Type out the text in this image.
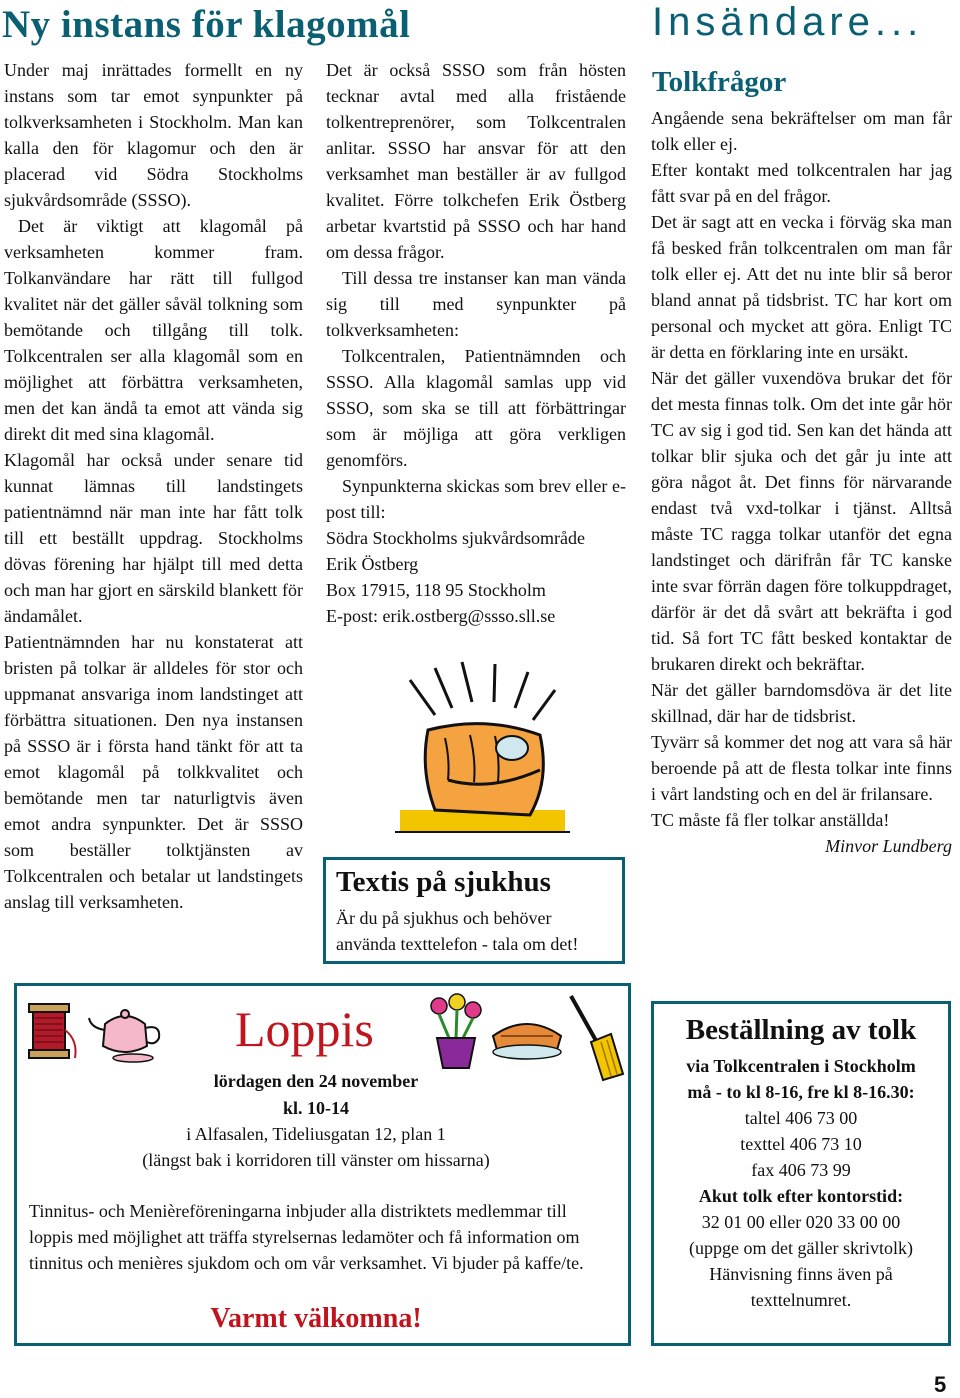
Ny instans för klagomål

Under maj inrättades formellt en ny instans som tar emot synpunkter på tolkverksamheten i Stockholm. Man kan kalla den för klagomur och den är placerad vid Södra Stockholms sjukvårdsområde (SSSO).

Det är viktigt att klagomål på verksamheten kommer fram. Tolkanvändare har rätt till fullgod kvalitet när det gäller såväl tolkning som bemötande och tillgång till tolk. Tolkcentralen ser alla klagomål som en möjlighet att förbättra verksamheten, men det kan ändå ta emot att vända sig direkt dit med sina klagomål.

Klagomål har också under senare tid kunnat lämnas till landstingets patientnämnd när man inte har fått tolk till ett beställt uppdrag. Stockholms dövas förening har hjälpt till med detta och man har gjort en särskild blankett för ändamålet.

Patientnämnden har nu konstaterat att bristen på tolkar är alldeles för stor och uppmanat ansvariga inom landstinget att förbättra situationen. Den nya instansen på SSSO är i första hand tänkt för att ta emot klagomål på tolkkvalitet och bemötande men tar naturligtvis även emot andra synpunkter. Det är SSSO som beställer tolktjänsten av Tolkcentralen och betalar ut landstingets anslag till verksamheten.

Det är också SSSO som från hösten tecknar avtal med alla fristående tolkentreprenörer, som Tolkcentralen anlitar. SSSO har ansvar för att den verksamhet man beställer är av fullgod kvalitet. Förre tolkchefen Erik Östberg arbetar kvartstid på SSSO och har hand om dessa frågor.

Till dessa tre instanser kan man vända sig till med synpunkter på tolkverksamheten:

Tolkcentralen, Patientnämnden och SSSO. Alla klagomål samlas upp vid SSSO, som ska se till att förbättringar som är möjliga att göra verkligen genomförs.

Synpunkterna skickas som brev eller e-post till:

Södra Stockholms sjukvårdsområde

Erik Östberg

Box 17915, 118 95 Stockholm

E-post: erik.ostberg@ssso.sll.se

Textis på sjukhus

Är du på sjukhus och behöver använda texttelefon - tala om det!

Insändare...
Tolkfrågor

Angående sena bekräftelser om man får tolk eller ej.

Efter kontakt med tolkcentralen har jag fått svar på en del frågor.

Det är sagt att en vecka i förväg ska man få besked från tolkcentralen om man får tolk eller ej. Att det nu inte blir så beror bland annat på tidsbrist. TC har kort om personal och mycket att göra. Enligt TC är detta en förklaring inte en ursäkt.

När det gäller vuxendöva brukar det för det mesta finnas tolk. Om det inte går hör TC av sig i god tid. Sen kan det hända att tolkar blir sjuka och det går ju inte att göra något åt. Det finns för närvarande endast två vxd-tolkar i tjänst. Alltså måste TC ragga tolkar utanför det egna landstinget och därifrån får TC kanske inte svar förrän dagen före tolkuppdraget, därför är det då svårt att bekräfta i god tid. Så fort TC fått besked kontaktar de brukaren direkt och bekräftar.

När det gäller barndomsdöva är det lite skillnad, där har de tidsbrist.

Tyvärr så kommer det nog att vara så här beroende på att de flesta tolkar inte finns i vårt landsting och en del är frilansare.

TC måste få fler tolkar anställda!

Minvor Lundberg

Loppis
lördagen den 24 november
kl. 10-14
i Alfasalen, Tideliusgatan 12, plan 1
(längst bak i korridoren till vänster om hissarna)
Tinnitus- och Menièreföreningarna inbjuder alla distriktets medlemmar till loppis med möjlighet att träffa styrelsernas ledamöter och få information om tinnitus och menières sjukdom och om vår verksamhet. Vi bjuder på kaffe/te.
Varmt välkomna!
Beställning av tolk
via Tolkcentralen i Stockholm
må - to kl 8-16, fre kl 8-16.30:
taltel 406 73 00
texttel 406 73 10
fax 406 73 99
Akut tolk efter kontorstid:
32 01 00 eller 020 33 00 00
(uppge om det gäller skrivtolk)
Hänvisning finns även på
texttelnumret.
5
